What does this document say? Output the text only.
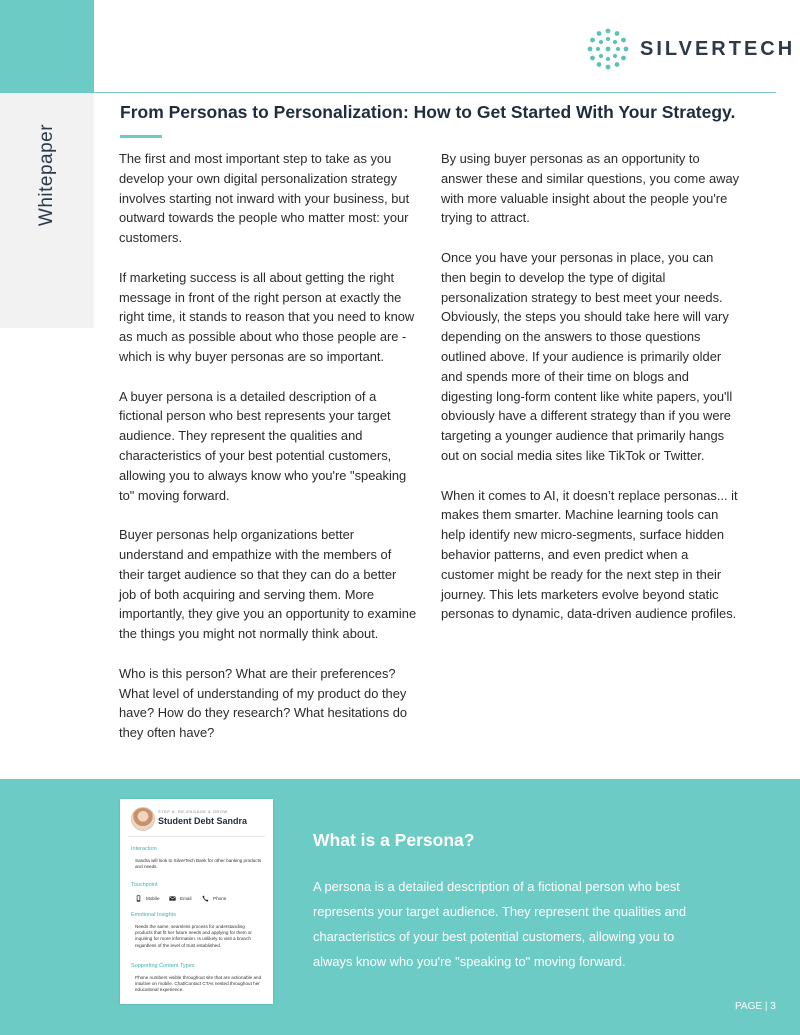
Whitepaper
SILVERTECH
From Personas to Personalization: How to Get Started With Your Strategy.

The first and most important step to take as you develop your own digital personalization strategy involves starting not inward with your business, but outward towards the people who matter most: your customers.

If marketing success is all about getting the right message in front of the right person at exactly the right time, it stands to reason that you need to know as much as possible about who those people are - which is why buyer personas are so important.

A buyer persona is a detailed description of a fictional person who best represents your target audience. They represent the qualities and characteristics of your best potential customers, allowing you to always know who you're "speaking to" moving forward.

Buyer personas help organizations better understand and empathize with the members of their target audience so that they can do a better job of both acquiring and serving them. More importantly, they give you an opportunity to examine the things you might not normally think about.

Who is this person? What are their preferences? What level of understanding of my product do they have? How do they research? What hesitations do they often have?

By using buyer personas as an opportunity to answer these and similar questions, you come away with more valuable insight about the people you're trying to attract.

Once you have your personas in place, you can then begin to develop the type of digital personalization strategy to best meet your needs. Obviously, the steps you should take here will vary depending on the answers to those questions outlined above. If your audience is primarily older and spends more of their time on blogs and digesting long-form content like white papers, you'll obviously have a different strategy than if you were targeting a younger audience that primarily hangs out on social media sites like TikTok or Twitter.

When it comes to AI, it doesn’t replace personas... it makes them smarter. Machine learning tools can help identify new micro-segments, surface hidden behavior patterns, and even predict when a customer might be ready for the next step in their journey. This lets marketers evolve beyond static personas to dynamic, data-driven audience profiles.

STEP 8: RE-ENGAGE & GROW
Student Debt Sandra
Interaction
Sandra will look to SilverTech Bank for other banking products and needs.
Touchpoint
Emotional Insights
Needs the same, seamless process for understanding products that fit her future needs and applying for them or inquiring for more information. Is unlikely to visit a branch regardless of the level of trust established.
Supporting Content Types
Phone numbers visible throughout site that are actionable and intuitive on mobile. Chat/Contact CTAs nested throughout her educational experience.
Mobile	Email	Phone
What is a Persona?
A persona is a detailed description of a fictional person who best represents your target audience. They represent the qualities and characteristics of your best potential customers, allowing you to always know who you're "speaking to" moving forward.
PAGE | 3
